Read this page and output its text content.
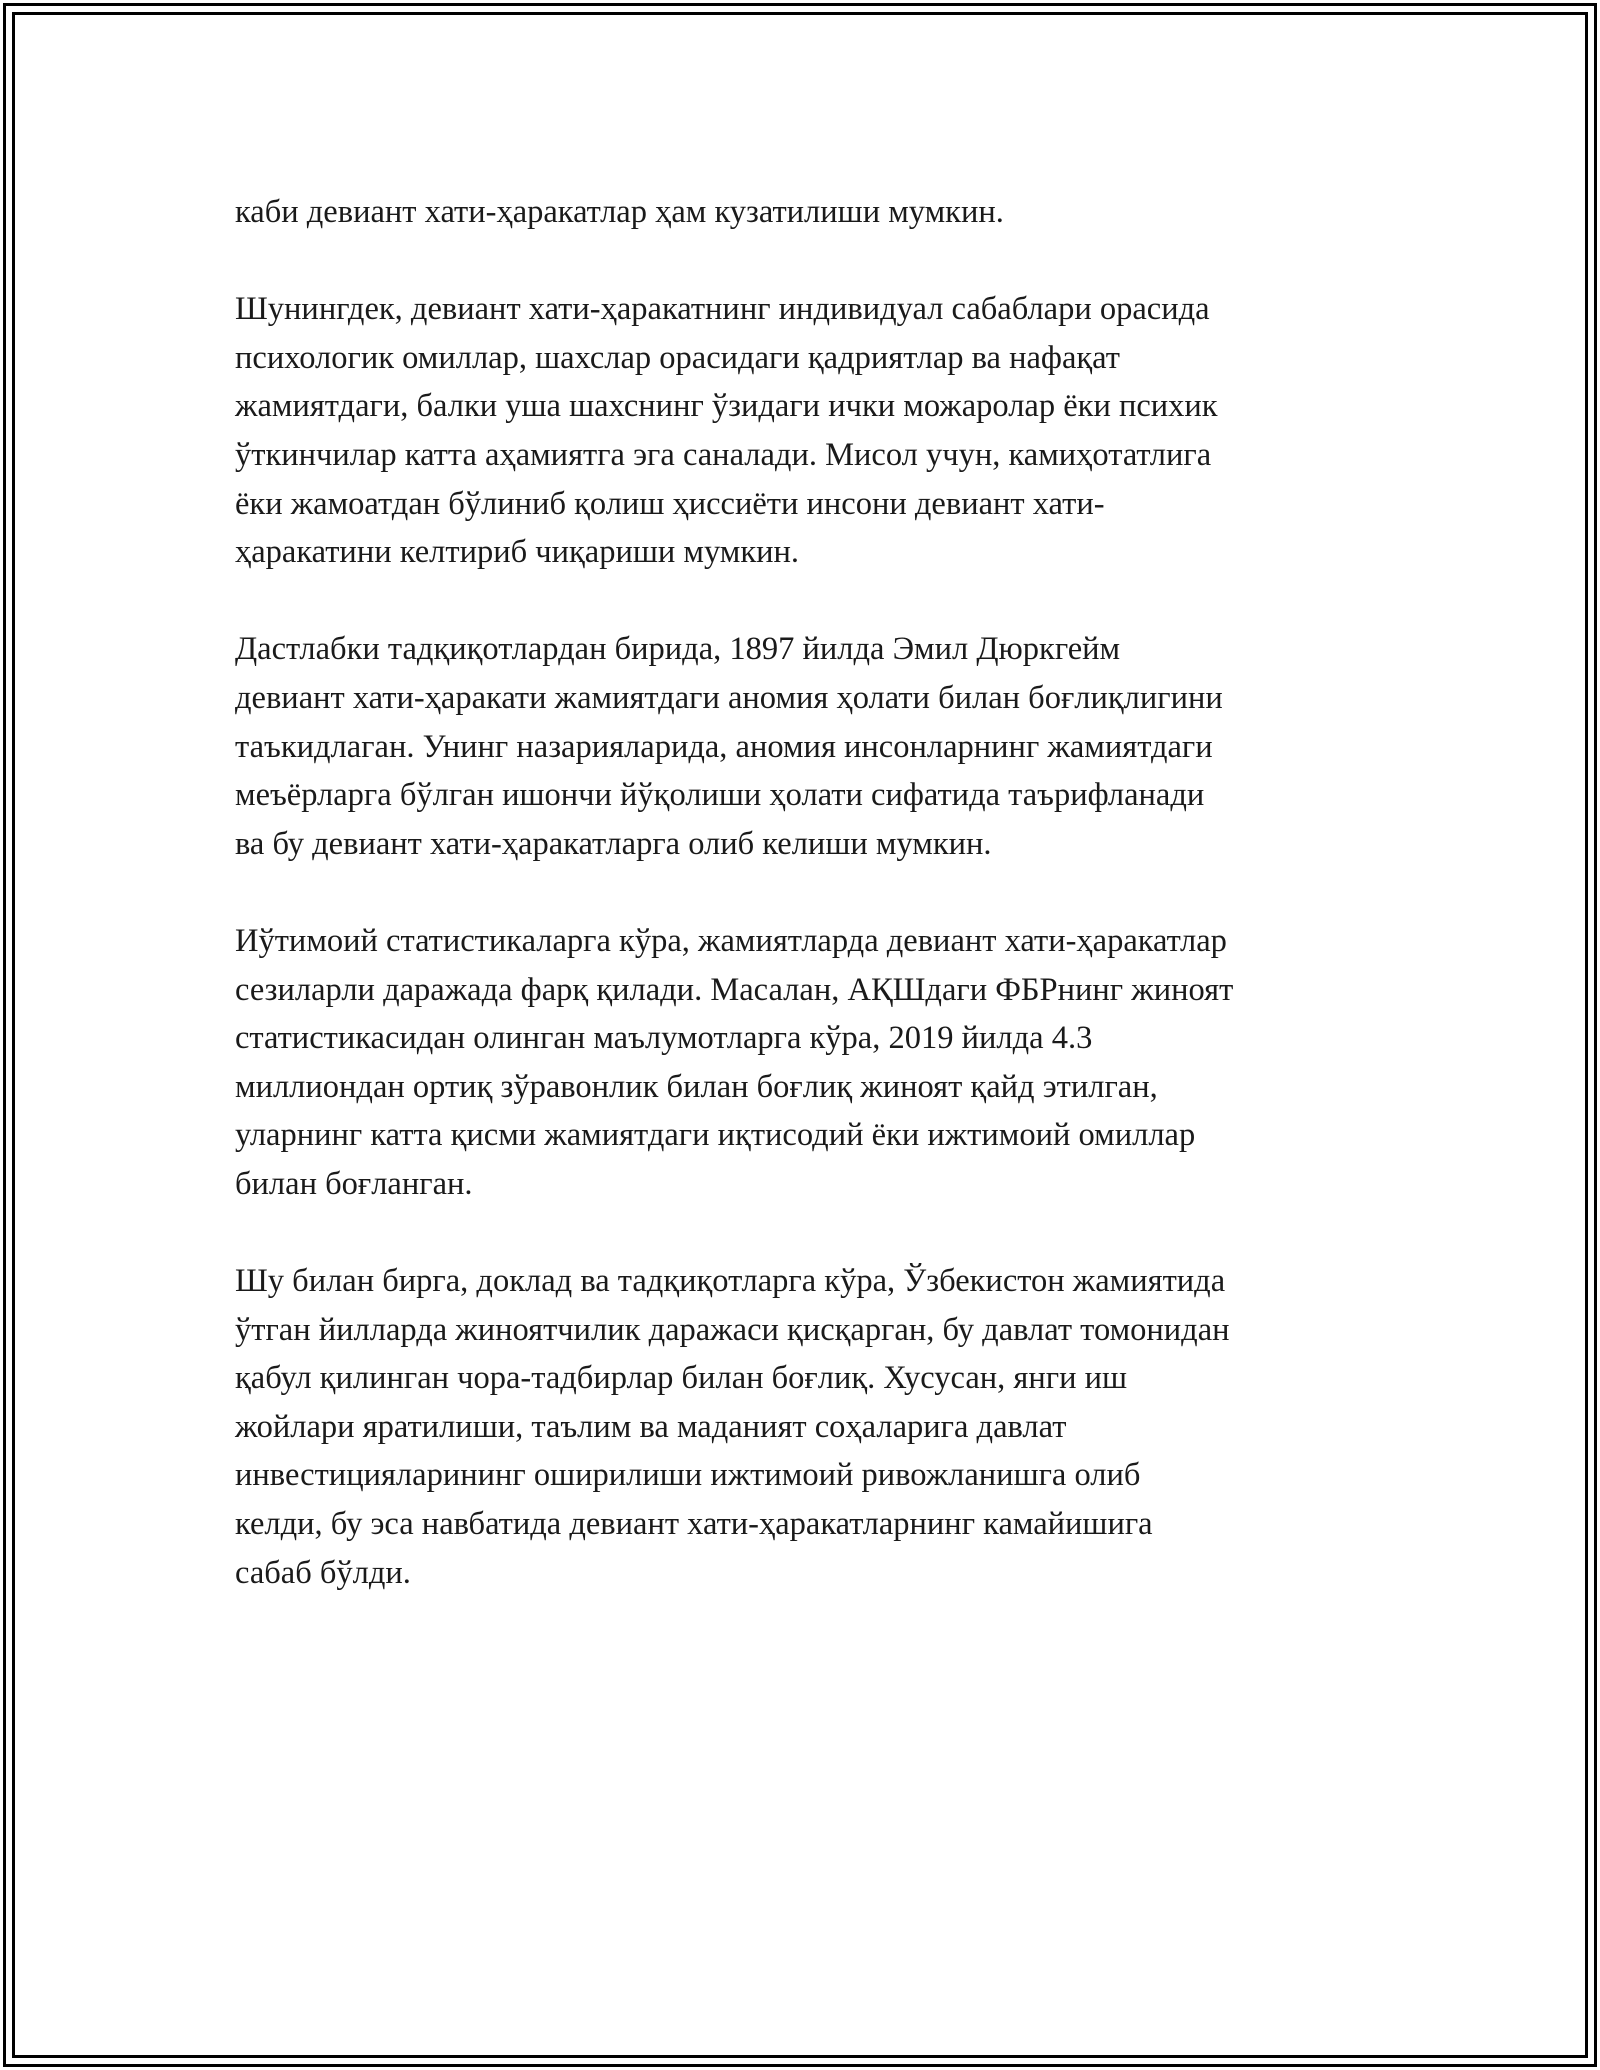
каби девиант хати-ҳаракатлар ҳам кузатилиши мумкин.
Шунингдек, девиант хати-ҳаракатнинг индивидуал сабаблари орасида
психологик омиллар, шахслар орасидаги қадриятлар ва нафақат
жамиятдаги, балки уша шахснинг ўзидаги ички можаролар ёки психик
ўткинчилар катта аҳамиятга эга саналади. Мисол учун, камиҳотатлига
ёки жамоатдан бўлиниб қолиш ҳиссиёти инсони девиант хати-
ҳаракатини келтириб чиқариши мумкин.
Дастлабки тадқиқотлардан бирида, 1897 йилда Эмил Дюркгейм
девиант хати-ҳаракати жамиятдаги аномия ҳолати билан боғлиқлигини
таъкидлаган. Унинг назарияларида, аномия инсонларнинг жамиятдаги
меъёрларга бўлган ишончи йўқолиши ҳолати сифатида таърифланади
ва бу девиант хати-ҳаракатларга олиб келиши мумкин.
Иўтимоий статистикаларга кўра, жамиятларда девиант хати-ҳаракатлар
сезиларли даражада фарқ қилади. Масалан, АҚШдаги ФБРнинг жиноят
статистикасидан олинган маълумотларга кўра, 2019 йилда 4.3
миллиондан ортиқ зўравонлик билан боғлиқ жиноят қайд этилган,
уларнинг катта қисми жамиятдаги иқтисодий ёки ижтимоий омиллар
билан боғланган.
Шу билан бирга, доклад ва тадқиқотларга кўра, Ўзбекистон жамиятида
ўтган йилларда жиноятчилик даражаси қисқарган, бу давлат томонидан
қабул қилинган чора-тадбирлар билан боғлиқ. Хусусан, янги иш
жойлари яратилиши, таълим ва маданият соҳаларига давлат
инвестицияларининг оширилиши ижтимоий ривожланишга олиб
келди, бу эса навбатида девиант хати-ҳаракатларнинг камайишига
сабаб бўлди.
